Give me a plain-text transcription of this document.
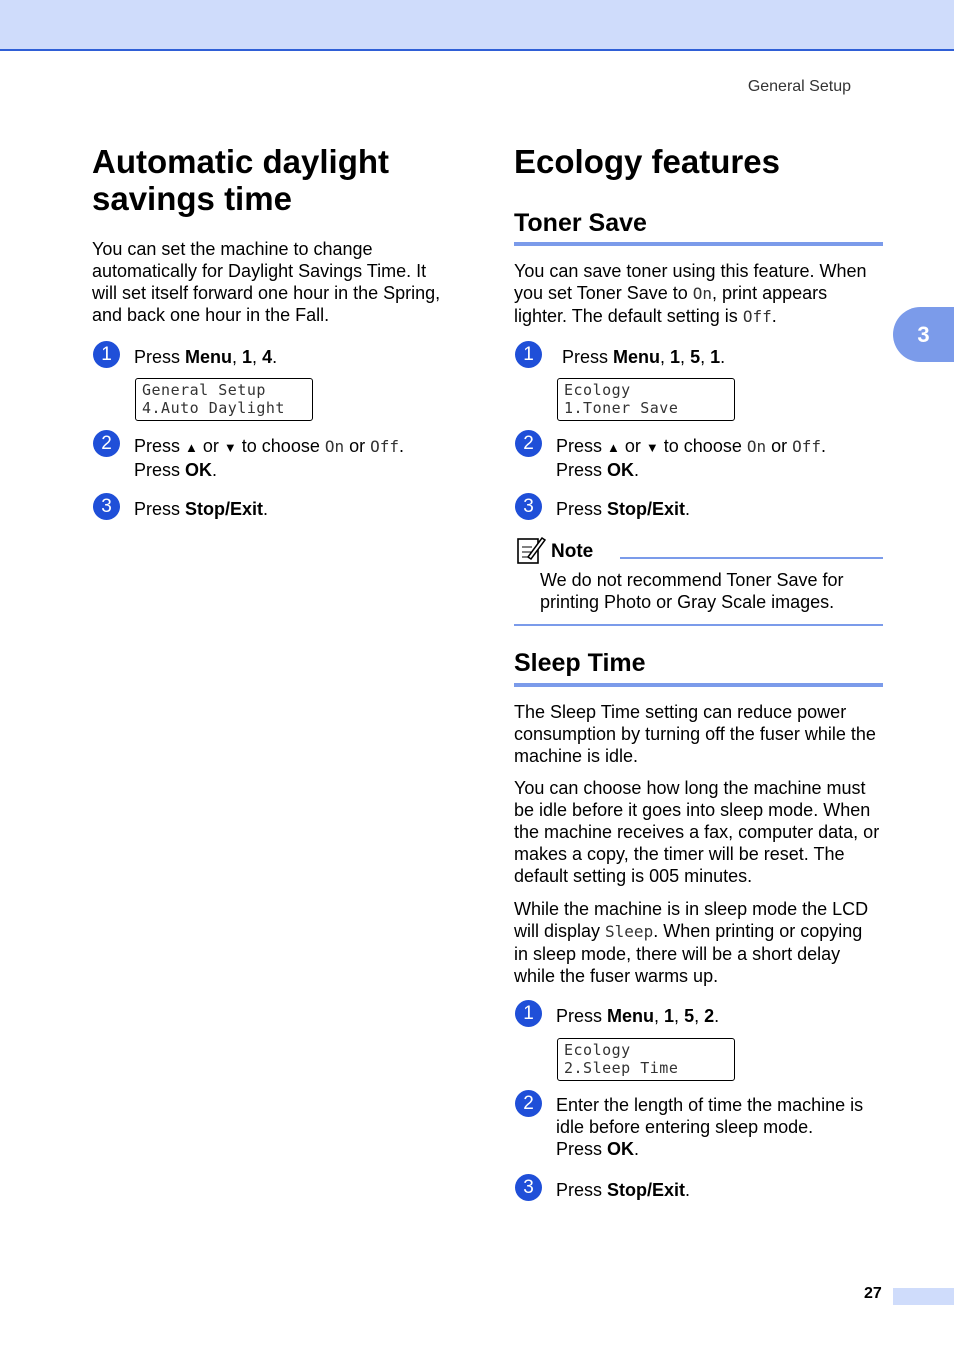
General Setup
3
Automatic daylight
savings time
You can set the machine to change
automatically for Daylight Savings Time. It
will set itself forward one hour in the Spring,
and back one hour in the Fall.
1	Press Menu, 1, 4.
General Setup
4.Auto Daylight
2	Press ▲ or ▼ to choose On or Off.
Press OK.
3	Press Stop/Exit.
Ecology features
Toner Save
You can save toner using this feature. When
you set Toner Save to On, print appears
lighter. The default setting is Off.
1	Press Menu, 1, 5, 1.
Ecology
1.Toner Save
2	Press ▲ or ▼ to choose On or Off.
Press OK.
3	Press Stop/Exit.
Note
We do not recommend Toner Save for
printing Photo or Gray Scale images.
Sleep Time
The Sleep Time setting can reduce power
consumption by turning off the fuser while the
machine is idle.
You can choose how long the machine must
be idle before it goes into sleep mode. When
the machine receives a fax, computer data, or
makes a copy, the timer will be reset. The
default setting is 005 minutes.
While the machine is in sleep mode the LCD
will display Sleep. When printing or copying
in sleep mode, there will be a short delay
while the fuser warms up.
1	Press Menu, 1, 5, 2.
Ecology
2.Sleep Time
2	Enter the length of time the machine is
idle before entering sleep mode.
Press OK.
3	Press Stop/Exit.
27
